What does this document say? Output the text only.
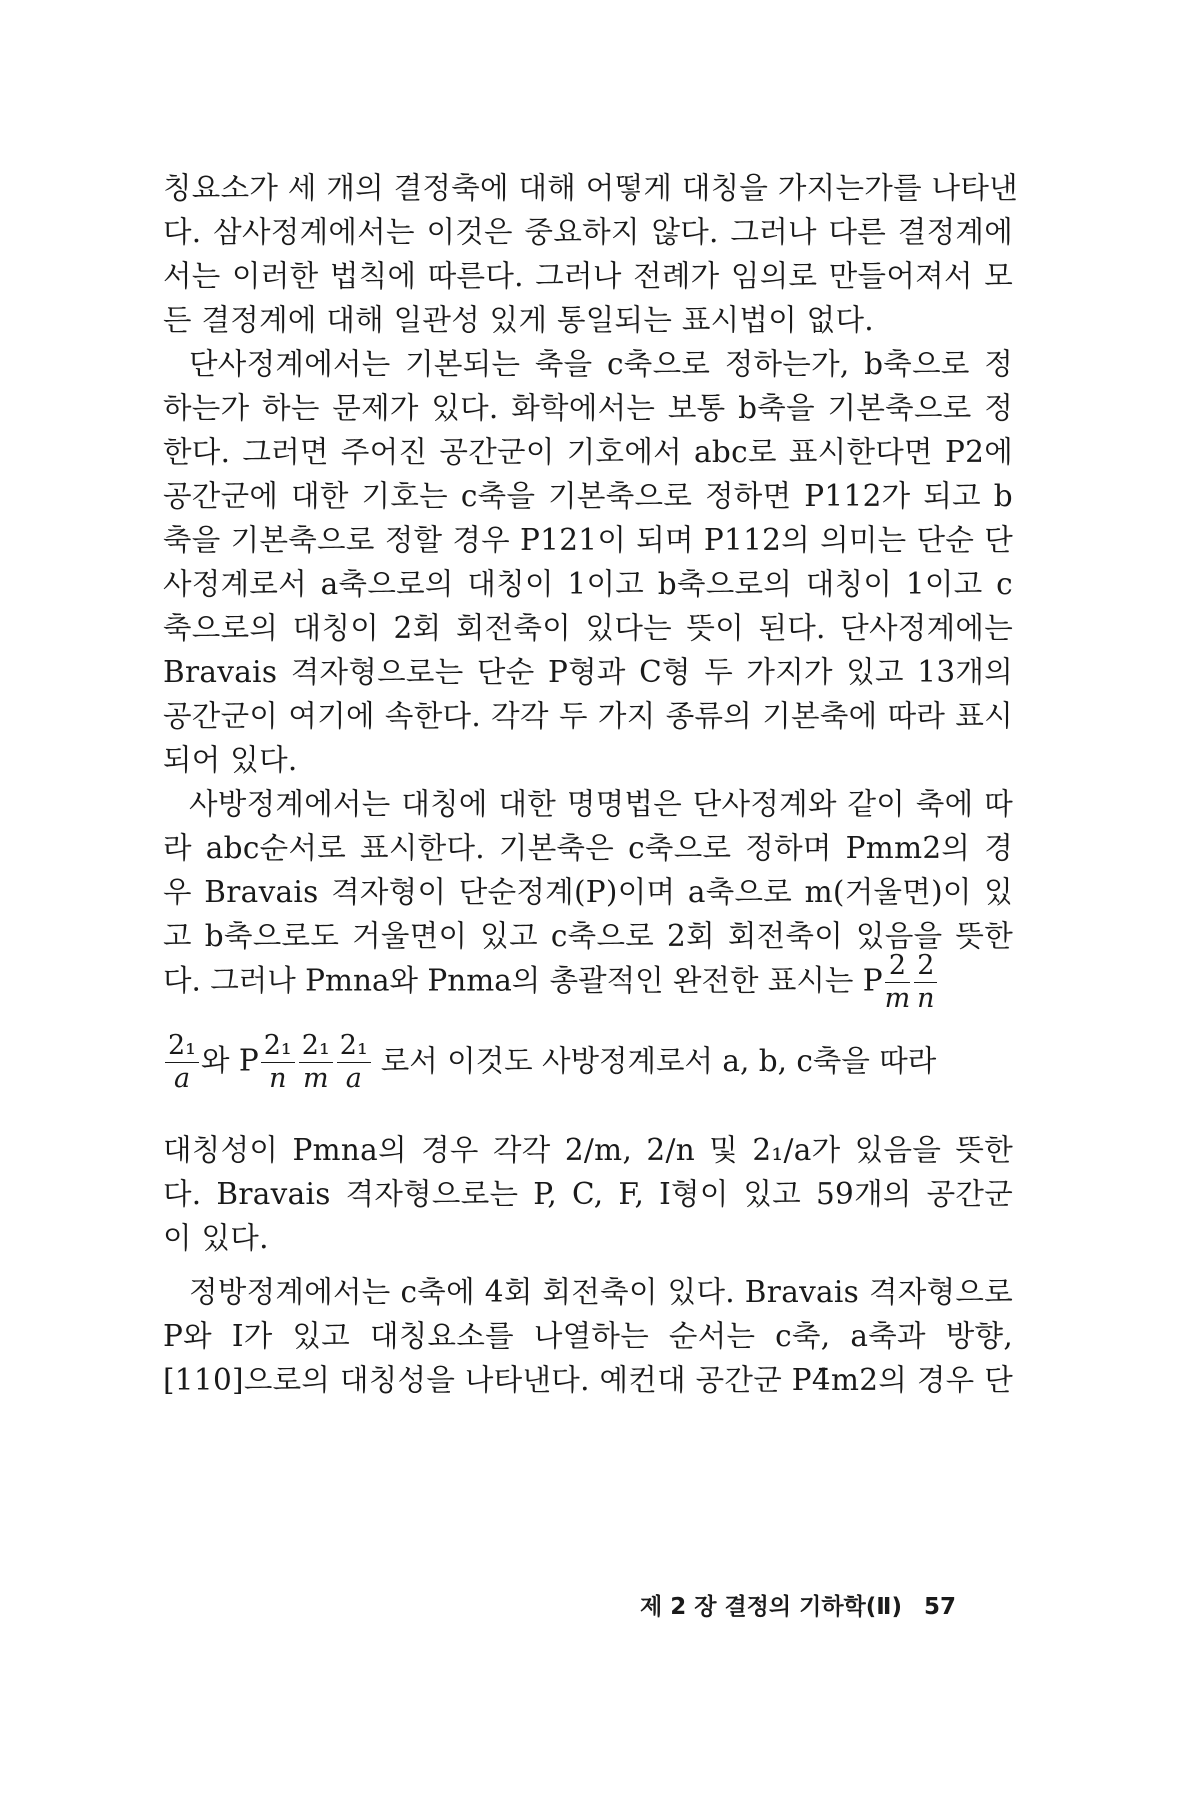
칭요소가 세 개의 결정축에 대해 어떻게 대칭을 가지는가를 나타낸
다. 삼사정계에서는 이것은 중요하지 않다. 그러나 다른 결정계에
서는 이러한 법칙에 따른다. 그러나 전례가 임의로 만들어져서 모
든 결정계에 대해 일관성 있게 통일되는 표시법이 없다.
단사정계에서는 기본되는 축을 c축으로 정하는가, b축으로 정
하는가 하는 문제가 있다. 화학에서는 보통 b축을 기본축으로 정
한다. 그러면 주어진 공간군이 기호에서 abc로 표시한다면 P2에
공간군에 대한 기호는 c축을 기본축으로 정하면 P112가 되고 b
축을 기본축으로 정할 경우 P121이 되며 P112의 의미는 단순 단
사정계로서 a축으로의 대칭이 1이고 b축으로의 대칭이 1이고 c
축으로의 대칭이 2회 회전축이 있다는 뜻이 된다. 단사정계에는
Bravais 격자형으로는 단순 P형과 C형 두 가지가 있고 13개의
공간군이 여기에 속한다. 각각 두 가지 종류의 기본축에 따라 표시
되어 있다.
사방정계에서는 대칭에 대한 명명법은 단사정계와 같이 축에 따
라 abc순서로 표시한다. 기본축은 c축으로 정하며 Pmm2의 경
우 Bravais 격자형이 단순정계(P)이며 a축으로 m(거울면)이 있
고 b축으로도 거울면이 있고 c축으로 2회 회전축이 있음을 뜻한
다. 그러나 Pmna와 Pnma의 총괄적인 완전한 표시는 P $\frac{2}{m} \frac{2}{n}$
$\frac{\text{2₁}}{a}$ 와 P $\frac{\text{2₁}}{n} \frac{\text{2₁}}{m} \frac{\text{2₁}}{a}$ 로서 이것도 사방정계로서 a, b, c축을 따라
대칭성이 Pmna의 경우 각각 2/m, 2/n 및 2₁/a가 있음을 뜻한
다. Bravais 격자형으로는 P, C, F, I형이 있고 59개의 공간군
이 있다.
정방정계에서는 c축에 4회 회전축이 있다. Bravais 격자형으로
P와 I가 있고 대칭요소를 나열하는 순서는 c축, a축과 방향,
[110]으로의 대칭성을 나타낸다. 예컨대 공간군 P4̄m2의 경우 단
제 2 장 결정의 기하학(Ⅱ) 57
